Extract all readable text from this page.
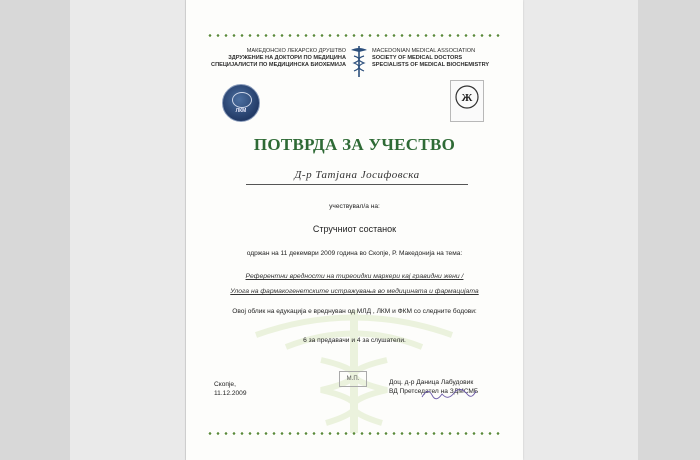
МАКЕДОНСКО ЛЕКАРСКО ДРУШТВО
ЗДРУЖЕНИЕ НА ДОКТОРИ ПО МЕДИЦИНА
СПЕЦИЈАЛИСТИ ПО МЕДИЦИНСКА БИОХЕМИЈА
MACEDONIAN MEDICAL ASSOCIATION
SOCIETY OF MEDICAL DOCTORS
SPECIALISTS OF MEDICAL BIOCHEMISTRY
ЛКМ
Ж
ПОТВРДА ЗА УЧЕСТВО
Д-р Татјана Јосифовска
учествувал/а на:
Стручниот состанок
одржан на 11 декември 2009 година во Скопје, Р. Македонија на тема:
Референтни вредности на тиреоидки маркери кај гравидни жени /
Улога на фармакогенетските истражувања во медицината и фармацијата
Овој облик на едукација е вреднуван од МЛД , ЛКМ и ФКМ со следните бодови:
6 за предавачи и 4 за слушатели.
М.П.
Скопје,
11.12.2009
Доц. д-р Даница Лабудовик
ВД Претседател на ЗДМСМБ
